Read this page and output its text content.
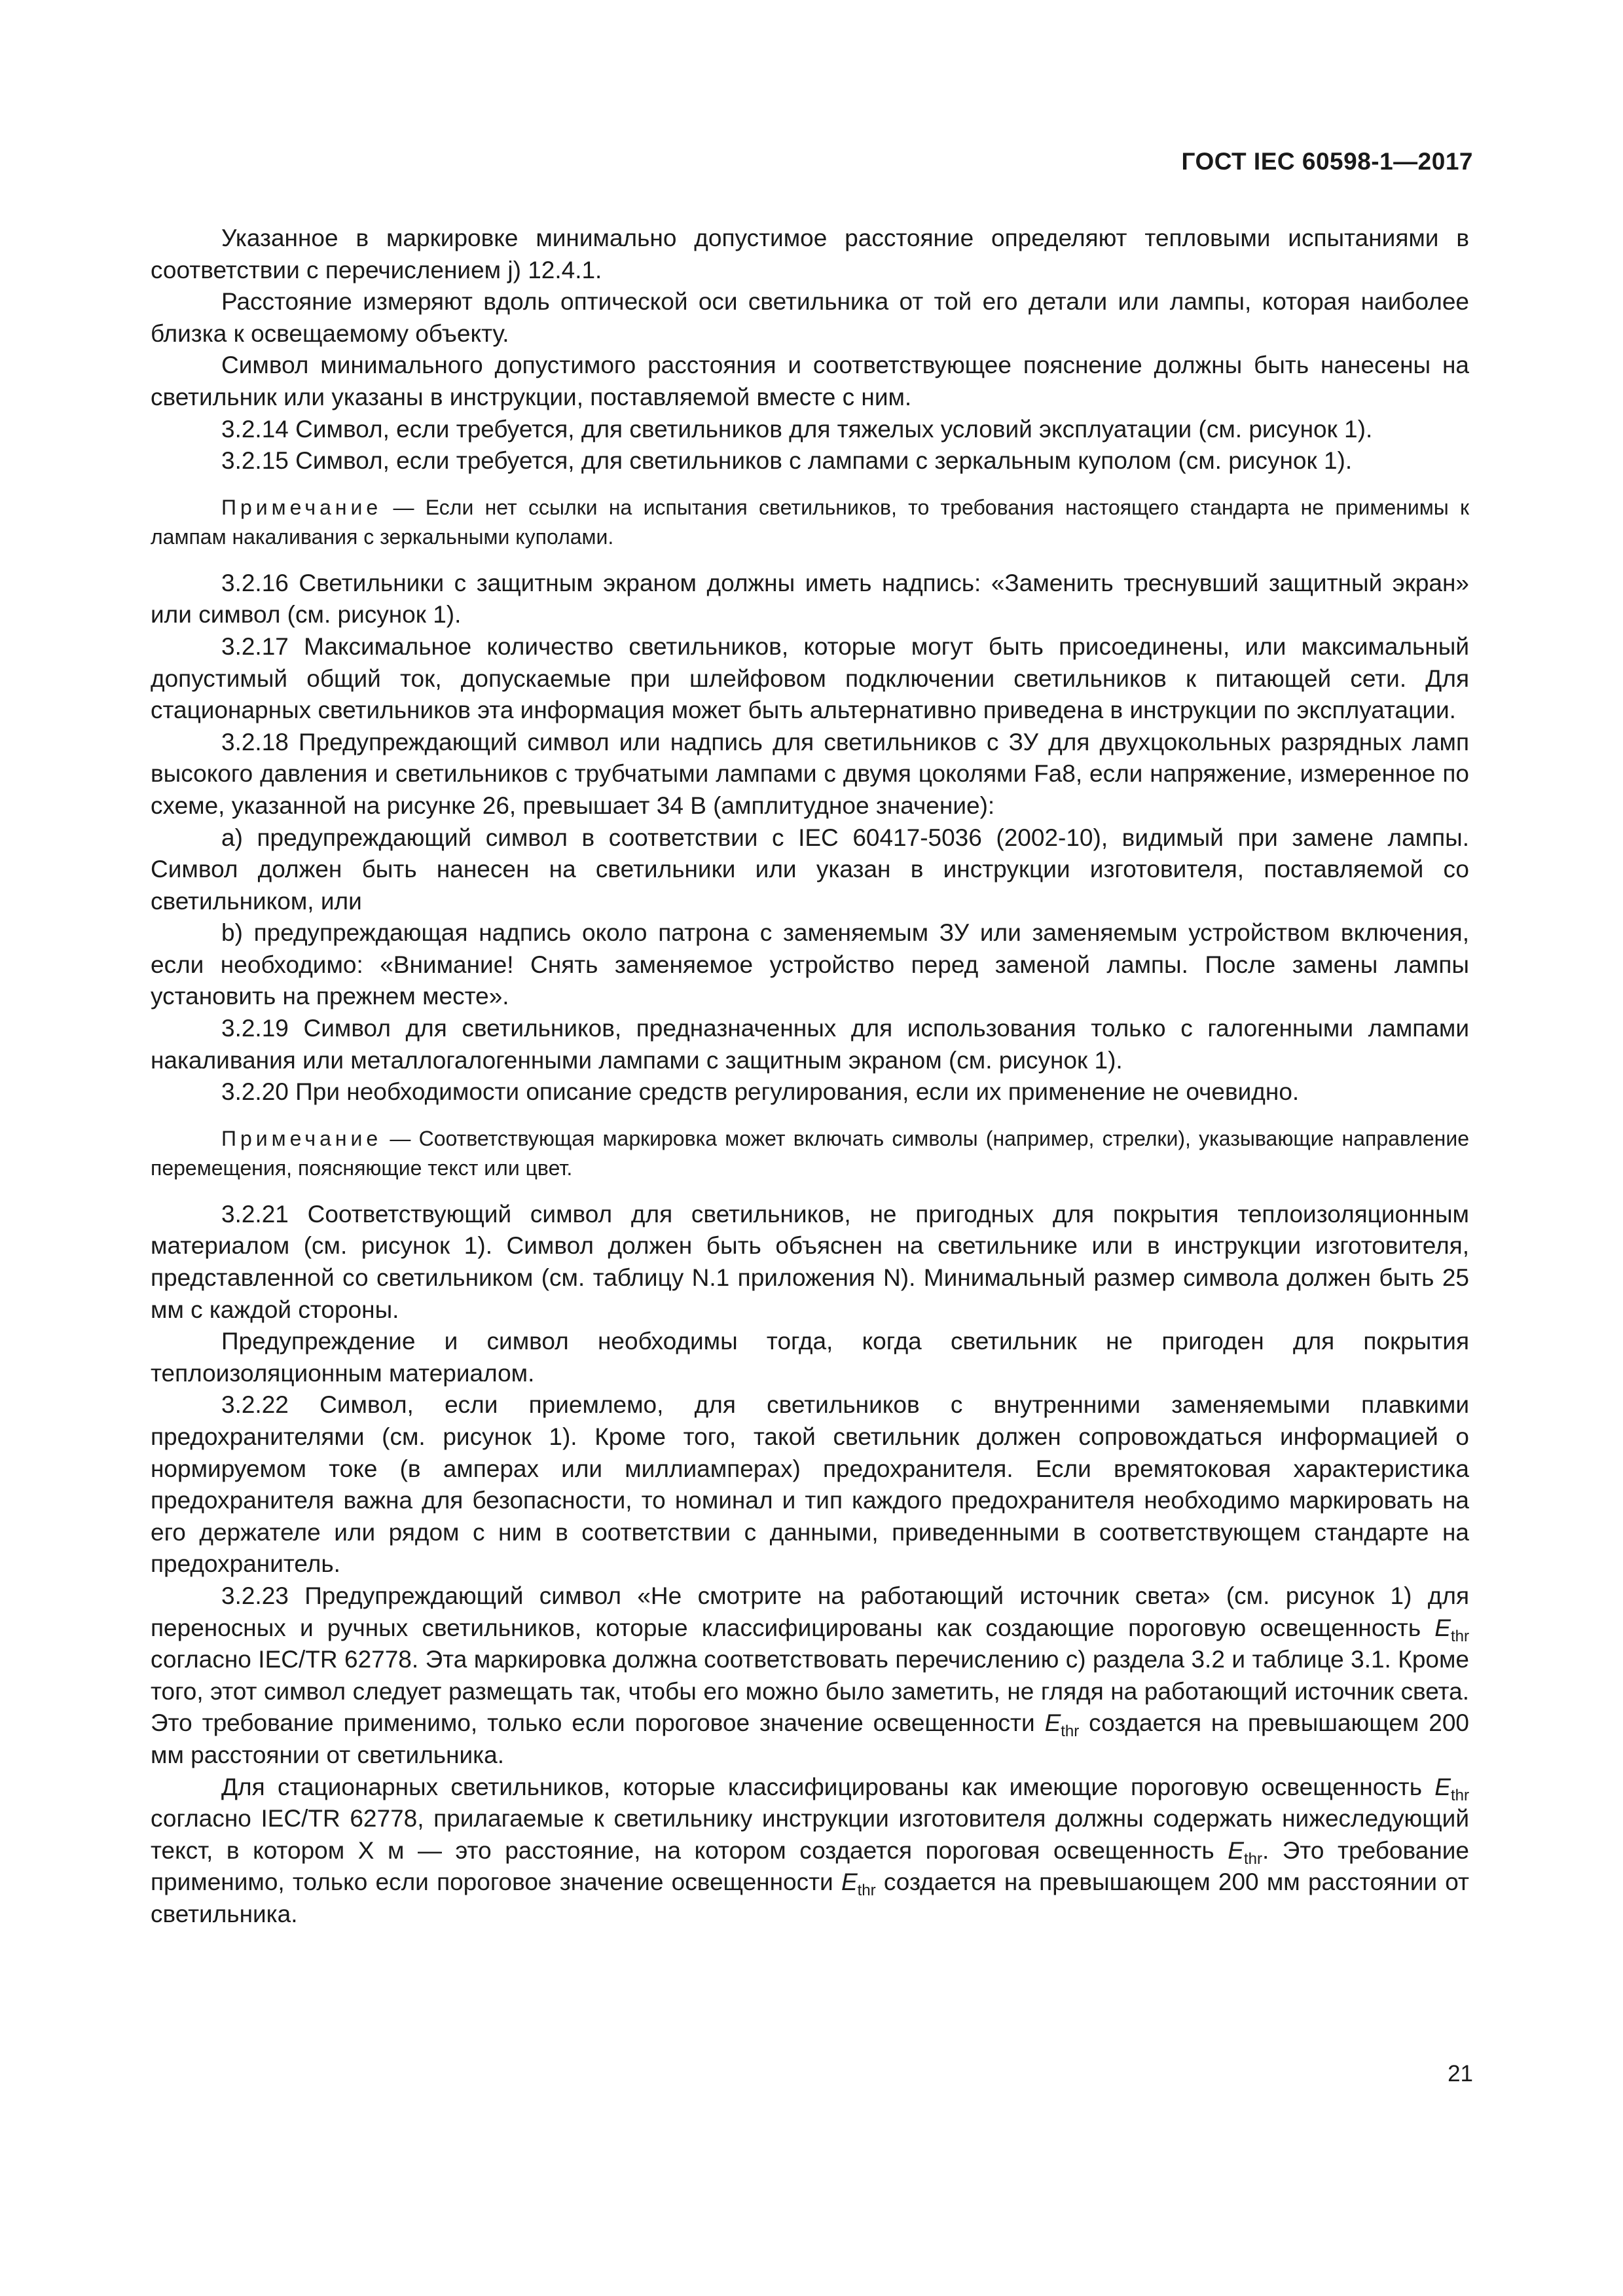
ГОСТ IEC 60598-1—2017

Указанное в маркировке минимально допустимое расстояние определяют тепловыми испытаниями в соответствии с перечислением j) 12.4.1.

Расстояние измеряют вдоль оптической оси светильника от той его детали или лампы, которая наиболее близка к освещаемому объекту.

Символ минимального допустимого расстояния и соответствующее пояснение должны быть нанесены на светильник или указаны в инструкции, поставляемой вместе с ним.

3.2.14 Символ, если требуется, для светильников для тяжелых условий эксплуатации (см. рисунок 1).

3.2.15 Символ, если требуется, для светильников с лампами с зеркальным куполом (см. рисунок 1).

Примечание — Если нет ссылки на испытания светильников, то требования настоящего стандарта не применимы к лампам накаливания с зеркальными куполами.

3.2.16 Светильники с защитным экраном должны иметь надпись: «Заменить треснувший защитный экран» или символ (см. рисунок 1).

3.2.17 Максимальное количество светильников, которые могут быть присоединены, или максимальный допустимый общий ток, допускаемые при шлейфовом подключении светильников к питающей сети. Для стационарных светильников эта информация может быть альтернативно приведена в инструкции по эксплуатации.

3.2.18 Предупреждающий символ или надпись для светильников с ЗУ для двухцокольных разрядных ламп высокого давления и светильников с трубчатыми лампами с двумя цоколями Fa8, если напряжение, измеренное по схеме, указанной на рисунке 26, превышает 34 В (амплитудное значение):

a) предупреждающий символ в соответствии с IEC 60417-5036 (2002-10), видимый при замене лампы. Символ должен быть нанесен на светильники или указан в инструкции изготовителя, поставляемой со светильником, или

b) предупреждающая надпись около патрона с заменяемым ЗУ или заменяемым устройством включения, если необходимо: «Внимание! Снять заменяемое устройство перед заменой лампы. После замены лампы установить на прежнем месте».

3.2.19 Символ для светильников, предназначенных для использования только с галогенными лампами накаливания или металлогалогенными лампами с защитным экраном (см. рисунок 1).

3.2.20 При необходимости описание средств регулирования, если их применение не очевидно.

Примечание — Соответствующая маркировка может включать символы (например, стрелки), указывающие направление перемещения, поясняющие текст или цвет.

3.2.21 Соответствующий символ для светильников, не пригодных для покрытия теплоизоляционным материалом (см. рисунок 1). Символ должен быть объяснен на светильнике или в инструкции изготовителя, представленной со светильником (см. таблицу N.1 приложения N). Минимальный размер символа должен быть 25 мм с каждой стороны.

Предупреждение и символ необходимы тогда, когда светильник не пригоден для покрытия теплоизоляционным материалом.

3.2.22 Символ, если приемлемо, для светильников с внутренними заменяемыми плавкими предохранителями (см. рисунок 1). Кроме того, такой светильник должен сопровождаться информацией о нормируемом токе (в амперах или миллиамперах) предохранителя. Если времятоковая характеристика предохранителя важна для безопасности, то номинал и тип каждого предохранителя необходимо маркировать на его держателе или рядом с ним в соответствии с данными, приведенными в соответствующем стандарте на предохранитель.

3.2.23 Предупреждающий символ «Не смотрите на работающий источник света» (см. рисунок 1) для переносных и ручных светильников, которые классифицированы как создающие пороговую освещенность $E_{thr}$ согласно IEC/TR 62778. Эта маркировка должна соответствовать перечислению с) раздела 3.2 и таблице 3.1. Кроме того, этот символ следует размещать так, чтобы его можно было заметить, не глядя на работающий источник света. Это требование применимо, только если пороговое значение освещенности $E_{thr}$ создается на превышающем 200 мм расстоянии от светильника.

Для стационарных светильников, которые классифицированы как имеющие пороговую освещенность $E_{thr}$ согласно IEC/TR 62778, прилагаемые к светильнику инструкции изготовителя должны содержать нижеследующий текст, в котором X м — это расстояние, на котором создается пороговая освещенность $E_{thr}$. Это требование применимо, только если пороговое значение освещенности $E_{thr}$ создается на превышающем 200 мм расстоянии от светильника.

21
